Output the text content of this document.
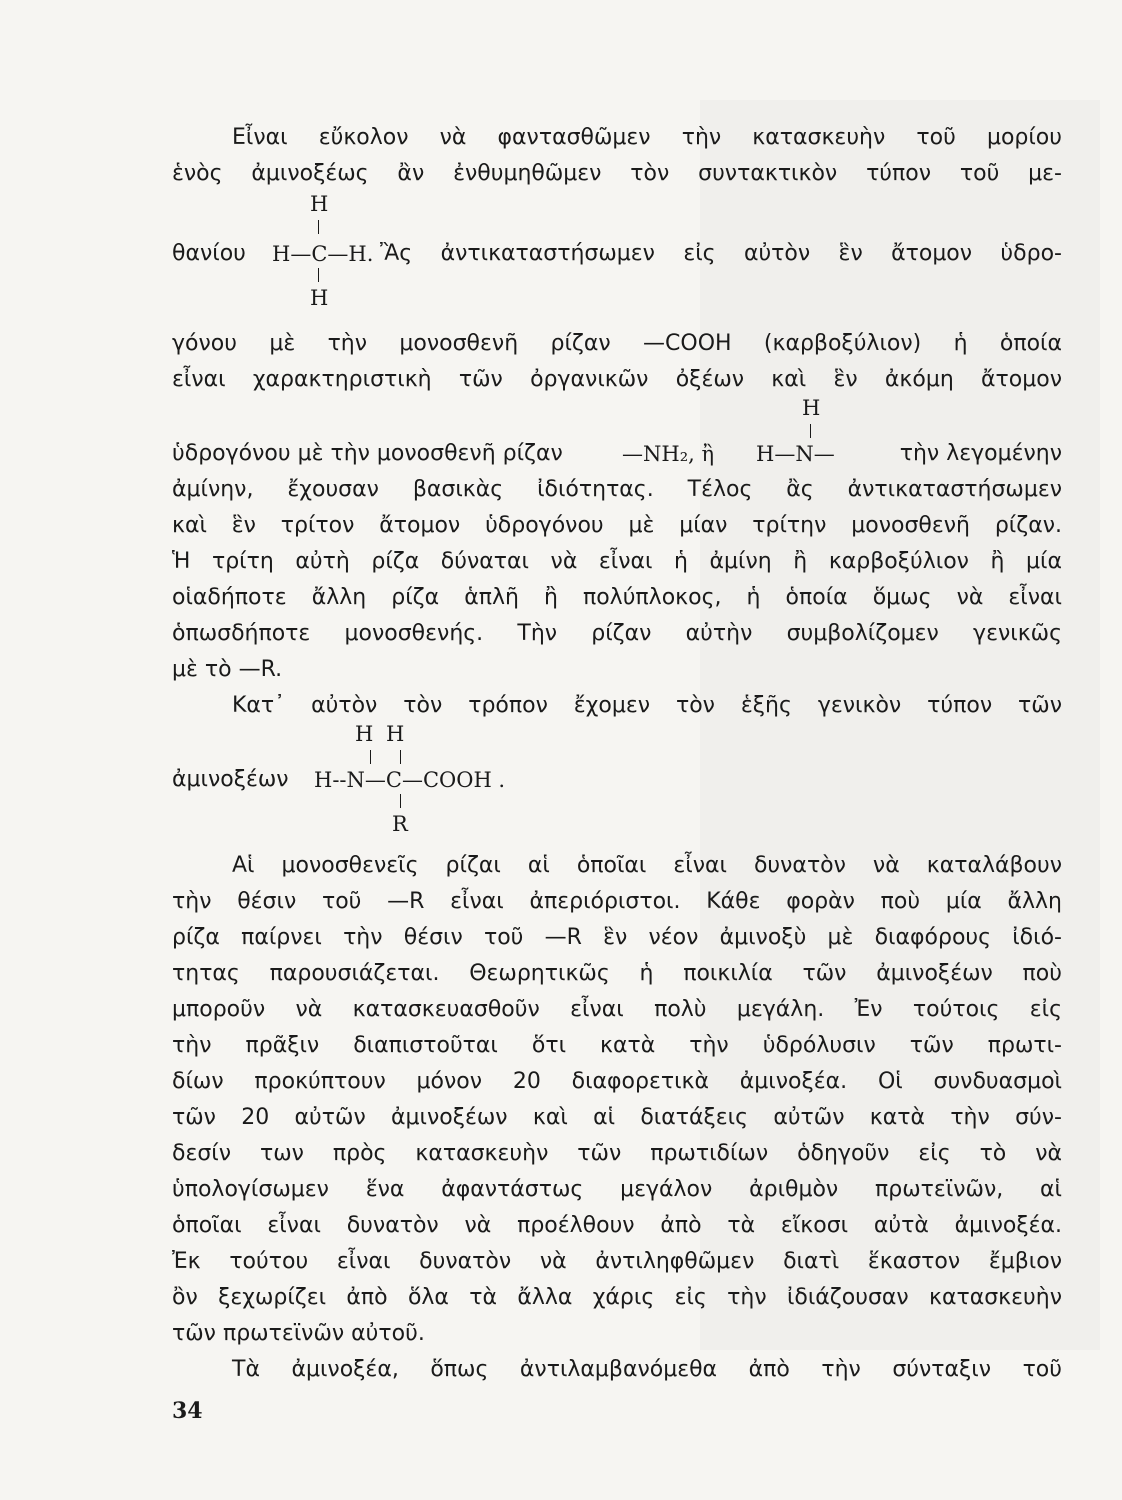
Εἶναι εὔκολον νὰ φαντασθῶμεν τὴν κατασκευὴν τοῦ μορίου
ἑνὸς ἀμινοξέως ἂν ἐνθυμηθῶμεν τὸν συντακτικὸν τύπον τοῦ με-
H
θανίου	H—C—H. Ἂς ἀντικαταστήσωμεν εἰς αὐτὸν ἓν ἄτομον ὑδρο-
H
γόνου μὲ τὴν μονοσθενῆ ρίζαν —COOH (καρβοξύλιον) ἡ ὁποία
εἶναι χαρακτηριστικὴ τῶν ὀργανικῶν ὀξέων καὶ ἓν ἀκόμη ἄτομον
H
ὑδρογόνου μὲ τὴν μονοσθενῆ ρίζαν	—NH₂, ἢ H—N—	τὴν λεγομένην
ἀμίνην, ἔχουσαν βασικὰς ἰδιότητας. Τέλος ἂς ἀντικαταστήσωμεν
καὶ ἓν τρίτον ἄτομον ὑδρογόνου μὲ μίαν τρίτην μονοσθενῆ ρίζαν.
Ἡ τρίτη αὐτὴ ρίζα δύναται νὰ εἶναι ἡ ἀμίνη ἢ καρβοξύλιον ἢ μία
οἱαδήποτε ἄλλη ρίζα ἁπλῆ ἢ πολύπλοκος, ἡ ὁποία ὅμως νὰ εἶναι
ὁπωσδήποτε μονοσθενής. Τὴν ρίζαν αὐτὴν συμβολίζομεν γενικῶς
μὲ τὸ —R.
Κατ᾽ αὐτὸν τὸν τρόπον ἔχομεν τὸν ἑξῆς γενικὸν τύπον τῶν
H H
ἀμινοξέων	H--N—C—COOH .
R
Αἱ μονοσθενεῖς ρίζαι αἱ ὁποῖαι εἶναι δυνατὸν νὰ καταλάβουν
τὴν θέσιν τοῦ —R εἶναι ἀπεριόριστοι. Κάθε φορὰν ποὺ μία ἄλλη
ρίζα παίρνει τὴν θέσιν τοῦ —R ἓν νέον ἀμινοξὺ μὲ διαφόρους ἰδιό-
τητας παρουσιάζεται. Θεωρητικῶς ἡ ποικιλία τῶν ἀμινοξέων ποὺ
μποροῦν νὰ κατασκευασθοῦν εἶναι πολὺ μεγάλη. Ἐν τούτοις εἰς
τὴν πρᾶξιν διαπιστοῦται ὅτι κατὰ τὴν ὑδρόλυσιν τῶν πρωτι-
δίων προκύπτουν μόνον 20 διαφορετικὰ ἀμινοξέα. Οἱ συνδυασμοὶ
τῶν 20 αὐτῶν ἀμινοξέων καὶ αἱ διατάξεις αὐτῶν κατὰ τὴν σύν-
δεσίν των πρὸς κατασκευὴν τῶν πρωτιδίων ὁδηγοῦν εἰς τὸ νὰ
ὑπολογίσωμεν ἕνα ἀφαντάστως μεγάλον ἀριθμὸν πρωτεϊνῶν, αἱ
ὁποῖαι εἶναι δυνατὸν νὰ προέλθουν ἀπὸ τὰ εἴκοσι αὐτὰ ἀμινοξέα.
Ἐκ τούτου εἶναι δυνατὸν νὰ ἀντιληφθῶμεν διατὶ ἕκαστον ἔμβιον
ὂν ξεχωρίζει ἀπὸ ὅλα τὰ ἄλλα χάρις εἰς τὴν ἰδιάζουσαν κατασκευὴν
τῶν πρωτεϊνῶν αὐτοῦ.
Τὰ ἀμινοξέα, ὅπως ἀντιλαμβανόμεθα ἀπὸ τὴν σύνταξιν τοῦ
34
